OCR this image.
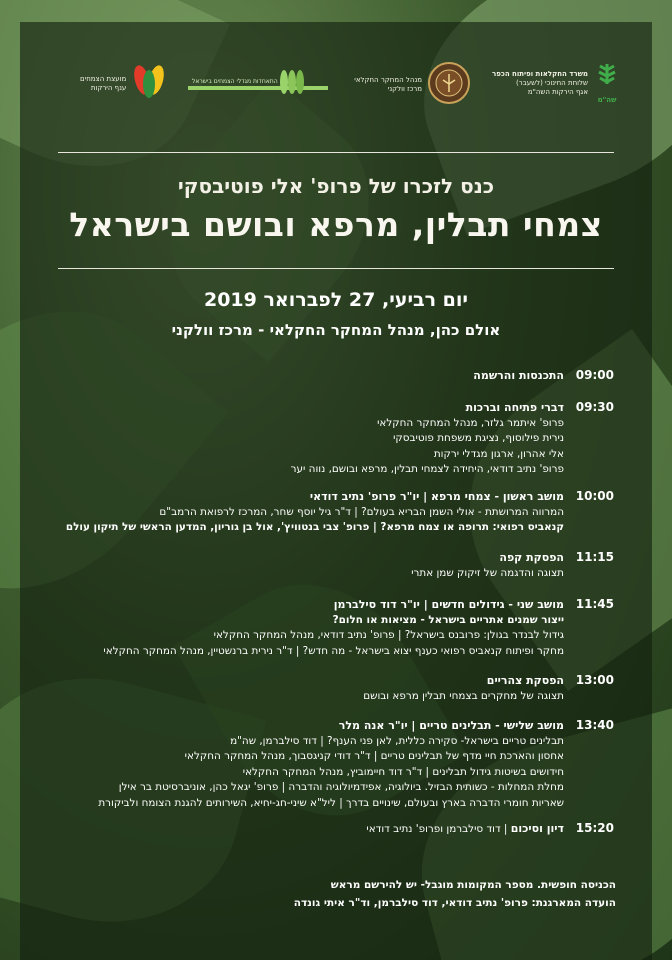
משרד החקלאות ופיתוח הכפר
שלוחת החינוכי (לשעבר)
אגף הירקות השה"מ
שה"מ
מנהל המחקר החקלאי
מרכז וולקני
התאחדות מגדלי הצמחים בישראל
מועצת הצמחים
ענף הירקות
כנס לזכרו של פרופ' אלי פוטיבסקי
צמחי תבלין, מרפא ובושם בישראל
יום רביעי, 27 לפברואר 2019
אולם כהן, מנהל המחקר החקלאי - מרכז וולקני
09:00
התכנסות והרשמה
09:30
דברי פתיחה וברכות
פרופ' איתמר גלזר, מנהל המחקר החקלאי
נירית פילוסוף, נציגת משפחת פוטיבסקי
אלי אהרון, ארגון מגדלי ירקות
פרופ' נתיב דודאי, היחידה לצמחי תבלין, מרפא ובושם, נווה יער
10:00
מושב ראשון - צמחי מרפא | יו"ר פרופ' נתיב דודאי
המרווה המרושתת - אולי השמן הבריא בעולם? | ד"ר גיל יוסף שחר, המרכז לרפואת הרמב"ם
קנאביס רפואי: תרופה או צמח מרפא? | פרופ' צבי בנטוויץ', אול בן גוריון, המדען הראשי של תיקון עולם
11:15
הפסקת קפה
תצוגה והדגמה של זיקוק שמן אתרי
11:45
מושב שני - גידולים חדשים | יו"ר דוד סילברמן
ייצור שמנים אתריים בישראל - מציאות או חלום?
גידול לבנדר בגולן: פרובנס בישראל? | פרופ' נתיב דודאי, מנהל המחקר החקלאי
מחקר ופיתוח קנאביס רפואי כענף יצוא בישראל - מה חדש? | ד"ר נירית ברנשטיין, מנהל המחקר החקלאי
13:00
הפסקת צהריים
תצוגה של מחקרים בצמחי תבלין מרפא ובושם
13:40
מושב שלישי - תבלינים טריים | יו"ר אנה מלר
תבלינים טריים בישראל- סקירה כללית, לאן פני הענף? | דוד סילברמן, שה"מ
אחסון והארכת חיי מדף של תבלינים טריים | ד"ר דודי קניגסבוך, מנהל המחקר החקלאי
חידושים בשיטות גידול תבלינים | ד"ר דוד חיימוביץ, מנהל המחקר החקלאי
מחלת המחלות - כשותית הבזיל. ביולוגיה, אפידמיולוגיה והדברה | פרופ' יגאל כהן, אוניברסיטת בר אילן
שאריות חומרי הדברה בארץ ובעולם, שינויים בדרך | ליל"א שיני-חג-יחיא, השירותים להגנת הצומח ולביקורת
15:20
דיון וסיכום | דוד סילברמן ופרופ' נתיב דודאי
הכניסה חופשית. מספר המקומות מוגבל- יש להירשם מראש
הועדה המארגנת: פרופ' נתיב דודאי, דוד סילברמן, וד"ר איתי גונדה
